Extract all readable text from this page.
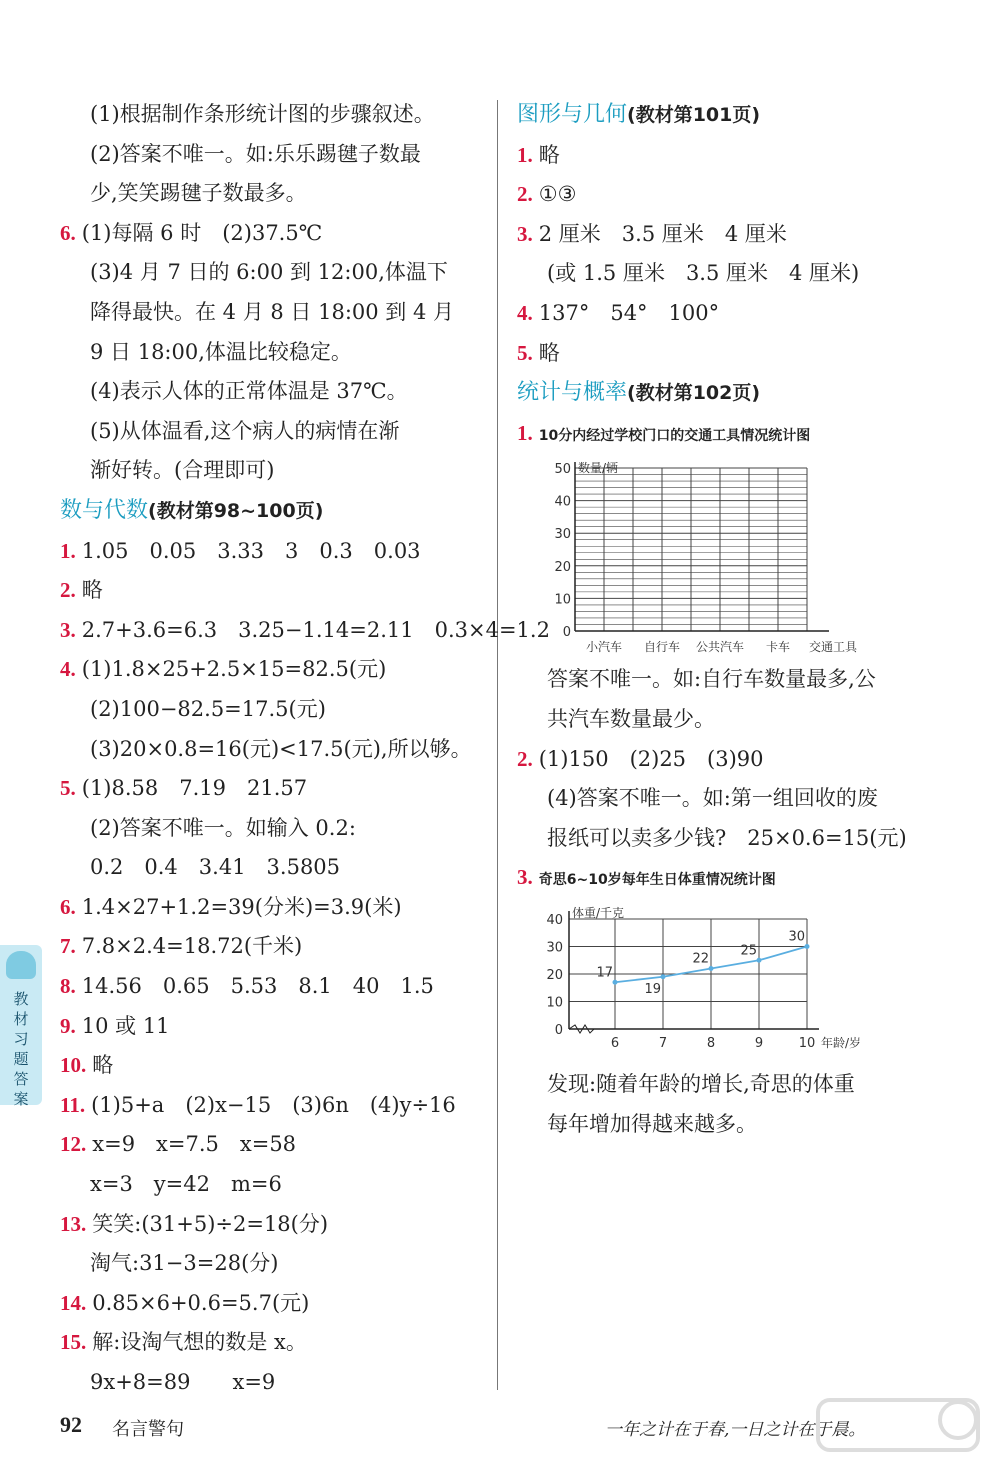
(1)根据制作条形统计图的步骤叙述。
(2)答案不唯一。如:乐乐踢毽子数最
少,笑笑踢毽子数最多。
6. (1)每隔 6 时　(2)37.5℃
(3)4 月 7 日的 6:00 到 12:00,体温下
降得最快。在 4 月 8 日 18:00 到 4 月
9 日 18:00,体温比较稳定。
(4)表示人体的正常体温是 37℃。
(5)从体温看,这个病人的病情在渐
渐好转。(合理即可)
数与代数(教材第98~100页)
1. 1.05　0.05　3.33　3　0.3　0.03
2. 略
3. 2.7+3.6=6.3　3.25−1.14=2.11　0.3×4=1.2
4. (1)1.8×25+2.5×15=82.5(元)
(2)100−82.5=17.5(元)
(3)20×0.8=16(元)<17.5(元),所以够。
5. (1)8.58　7.19　21.57
(2)答案不唯一。如输入 0.2:
0.2　0.4　3.41　3.5805
6. 1.4×27+1.2=39(分米)=3.9(米)
7. 7.8×2.4=18.72(千米)
8. 14.56　0.65　5.53　8.1　40　1.5
9. 10 或 11
10. 略
11. (1)5+a　(2)x−15　(3)6n　(4)y÷16
12. x=9　x=7.5　x=58
x=3　y=42　m=6
13. 笑笑:(31+5)÷2=18(分)
淘气:31−3=28(分)
14. 0.85×6+0.6=5.7(元)
15. 解:设淘气想的数是 x。
9x+8=89　　x=9
图形与几何(教材第101页)
1. 略
2. ①③
3. 2 厘米　3.5 厘米　4 厘米
(或 1.5 厘米　3.5 厘米　4 厘米)
4. 137°　54°　100°
5. 略
统计与概率(教材第102页)
1. 10分内经过学校门口的交通工具情况统计图
0
10
20
30
40
50 数量/辆
小汽车 自行车 公共汽车 卡车 交通工具
答案不唯一。如:自行车数量最多,公
共汽车数量最少。
2. (1)150　(2)25　(3)90
(4)答案不唯一。如:第一组回收的废
报纸可以卖多少钱?　25×0.6=15(元)
3. 奇思6~10岁每年生日体重情况统计图
0
10
20
30
40 体重/千克
6	7	8	9	10 年龄/岁
17
19
22
25
30
发现:随着年龄的增长,奇思的体重
每年增加得越来越多。
教材习题答案
92 名言警句	一年之计在于春,一日之计在于晨。
